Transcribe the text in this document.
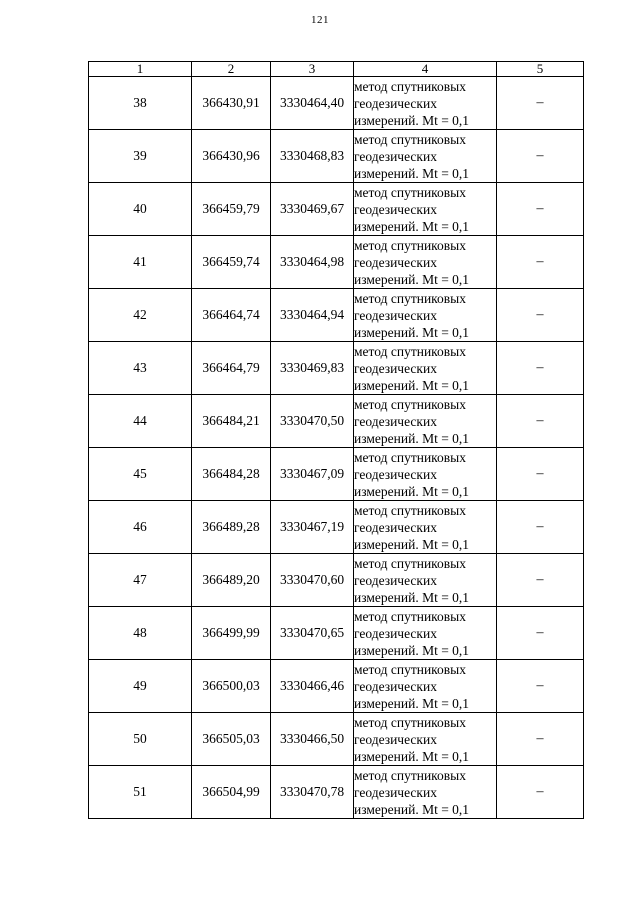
121
1	2	3	4	5
38	366430,91	3330464,40	метод спутниковых
геодезических
измерений. Mt = 0,1	–
39	366430,96	3330468,83	метод спутниковых
геодезических
измерений. Mt = 0,1	–
40	366459,79	3330469,67	метод спутниковых
геодезических
измерений. Mt = 0,1	–
41	366459,74	3330464,98	метод спутниковых
геодезических
измерений. Mt = 0,1	–
42	366464,74	3330464,94	метод спутниковых
геодезических
измерений. Mt = 0,1	–
43	366464,79	3330469,83	метод спутниковых
геодезических
измерений. Mt = 0,1	–
44	366484,21	3330470,50	метод спутниковых
геодезических
измерений. Mt = 0,1	–
45	366484,28	3330467,09	метод спутниковых
геодезических
измерений. Mt = 0,1	–
46	366489,28	3330467,19	метод спутниковых
геодезических
измерений. Mt = 0,1	–
47	366489,20	3330470,60	метод спутниковых
геодезических
измерений. Mt = 0,1	–
48	366499,99	3330470,65	метод спутниковых
геодезических
измерений. Mt = 0,1	–
49	366500,03	3330466,46	метод спутниковых
геодезических
измерений. Mt = 0,1	–
50	366505,03	3330466,50	метод спутниковых
геодезических
измерений. Mt = 0,1	–
51	366504,99	3330470,78	метод спутниковых
геодезических
измерений. Mt = 0,1	–
